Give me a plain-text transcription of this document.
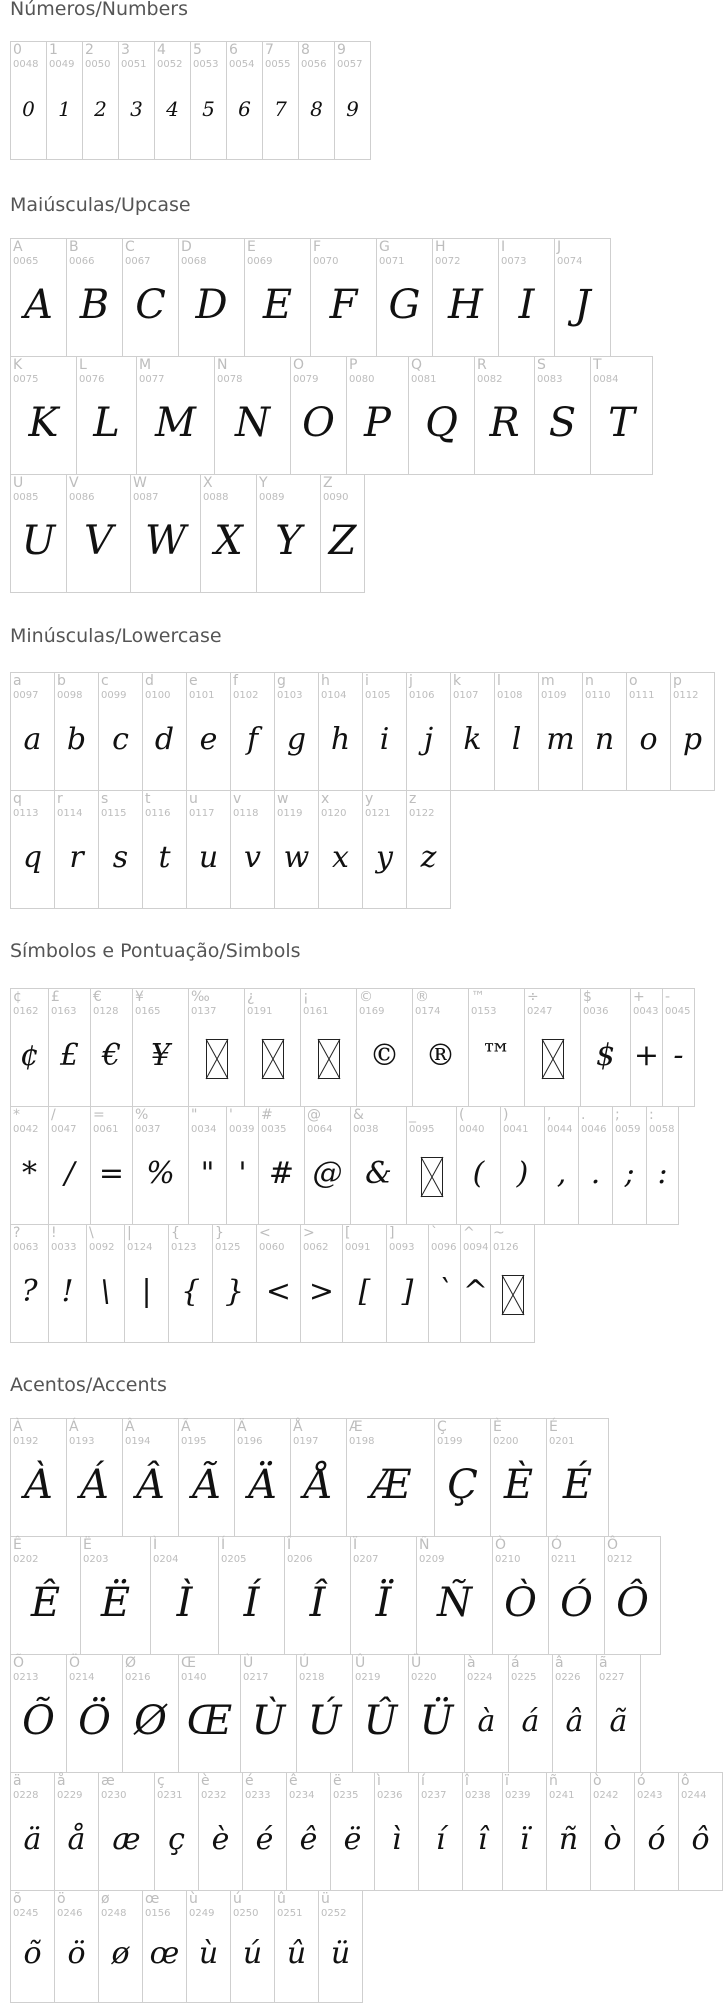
Números/Numbers
0
0048
0
1
0049
1
2
0050
2
3
0051
3
4
0052
4
5
0053
5
6
0054
6
7
0055
7
8
0056
8
9
0057
9
Maiúsculas/Upcase
A
0065
A
B
0066
B
C
0067
C
D
0068
D
E
0069
E
F
0070
F
G
0071
G
H
0072
H
I
0073
I
J
0074
J
K
0075
K
L
0076
L
M
0077
M
N
0078
N
O
0079
O
P
0080
P
Q
0081
Q
R
0082
R
S
0083
S
T
0084
T
U
0085
U
V
0086
V
W
0087
W
X
0088
X
Y
0089
Y
Z
0090
Z
Minúsculas/Lowercase
a
0097
a
b
0098
b
c
0099
c
d
0100
d
e
0101
e
f
0102
f
g
0103
g
h
0104
h
i
0105
i
j
0106
j
k
0107
k
l
0108
l
m
0109
m
n
0110
n
o
0111
o
p
0112
p
q
0113
q
r
0114
r
s
0115
s
t
0116
t
u
0117
u
v
0118
v
w
0119
w
x
0120
x
y
0121
y
z
0122
z
Símbolos e Pontuação/Simbols
¢
0162
¢
£
0163
£
€
0128
€
¥
0165
¥
‰
0137
¿
0191
¡
0161
©
0169
©
®
0174
®
™
0153
™
÷
0247
$
0036
$
+
0043
+
-
0045
-
*
0042
*
/
0047
/
=
0061
=
%
0037
%
"
0034
"
'
0039
'
#
0035
#
@
0064
@
&
0038
&
_
0095
(
0040
(
)
0041
)
,
0044
,
.
0046
.
;
0059
;
:
0058
:
?
0063
?
!
0033
!
\
0092
\
|
0124
|
{
0123
{
}
0125
}
<
0060
<
>
0062
>
[
0091
[
]
0093
]
`
0096
`
^
0094
^
~
0126
Acentos/Accents
À
0192
À
Á
0193
Á
Â
0194
Â
Ã
0195
Ã
Ä
0196
Ä
Å
0197
Å
Æ
0198
Æ
Ç
0199
Ç
È
0200
È
É
0201
É
Ê
0202
Ê
Ë
0203
Ë
Ì
0204
Ì
Í
0205
Í
Î
0206
Î
Ï
0207
Ï
Ñ
0209
Ñ
Ò
0210
Ò
Ó
0211
Ó
Ô
0212
Ô
Õ
0213
Õ
Ö
0214
Ö
Ø
0216
Ø
Œ
0140
Œ
Ù
0217
Ù
Ú
0218
Ú
Û
0219
Û
Ü
0220
Ü
à
0224
à
á
0225
á
â
0226
â
ã
0227
ã
ä
0228
ä
å
0229
å
æ
0230
æ
ç
0231
ç
è
0232
è
é
0233
é
ê
0234
ê
ë
0235
ë
ì
0236
ì
í
0237
í
î
0238
î
ï
0239
ï
ñ
0241
ñ
ò
0242
ò
ó
0243
ó
ô
0244
ô
õ
0245
õ
ö
0246
ö
ø
0248
ø
œ
0156
œ
ù
0249
ù
ú
0250
ú
û
0251
û
ü
0252
ü
